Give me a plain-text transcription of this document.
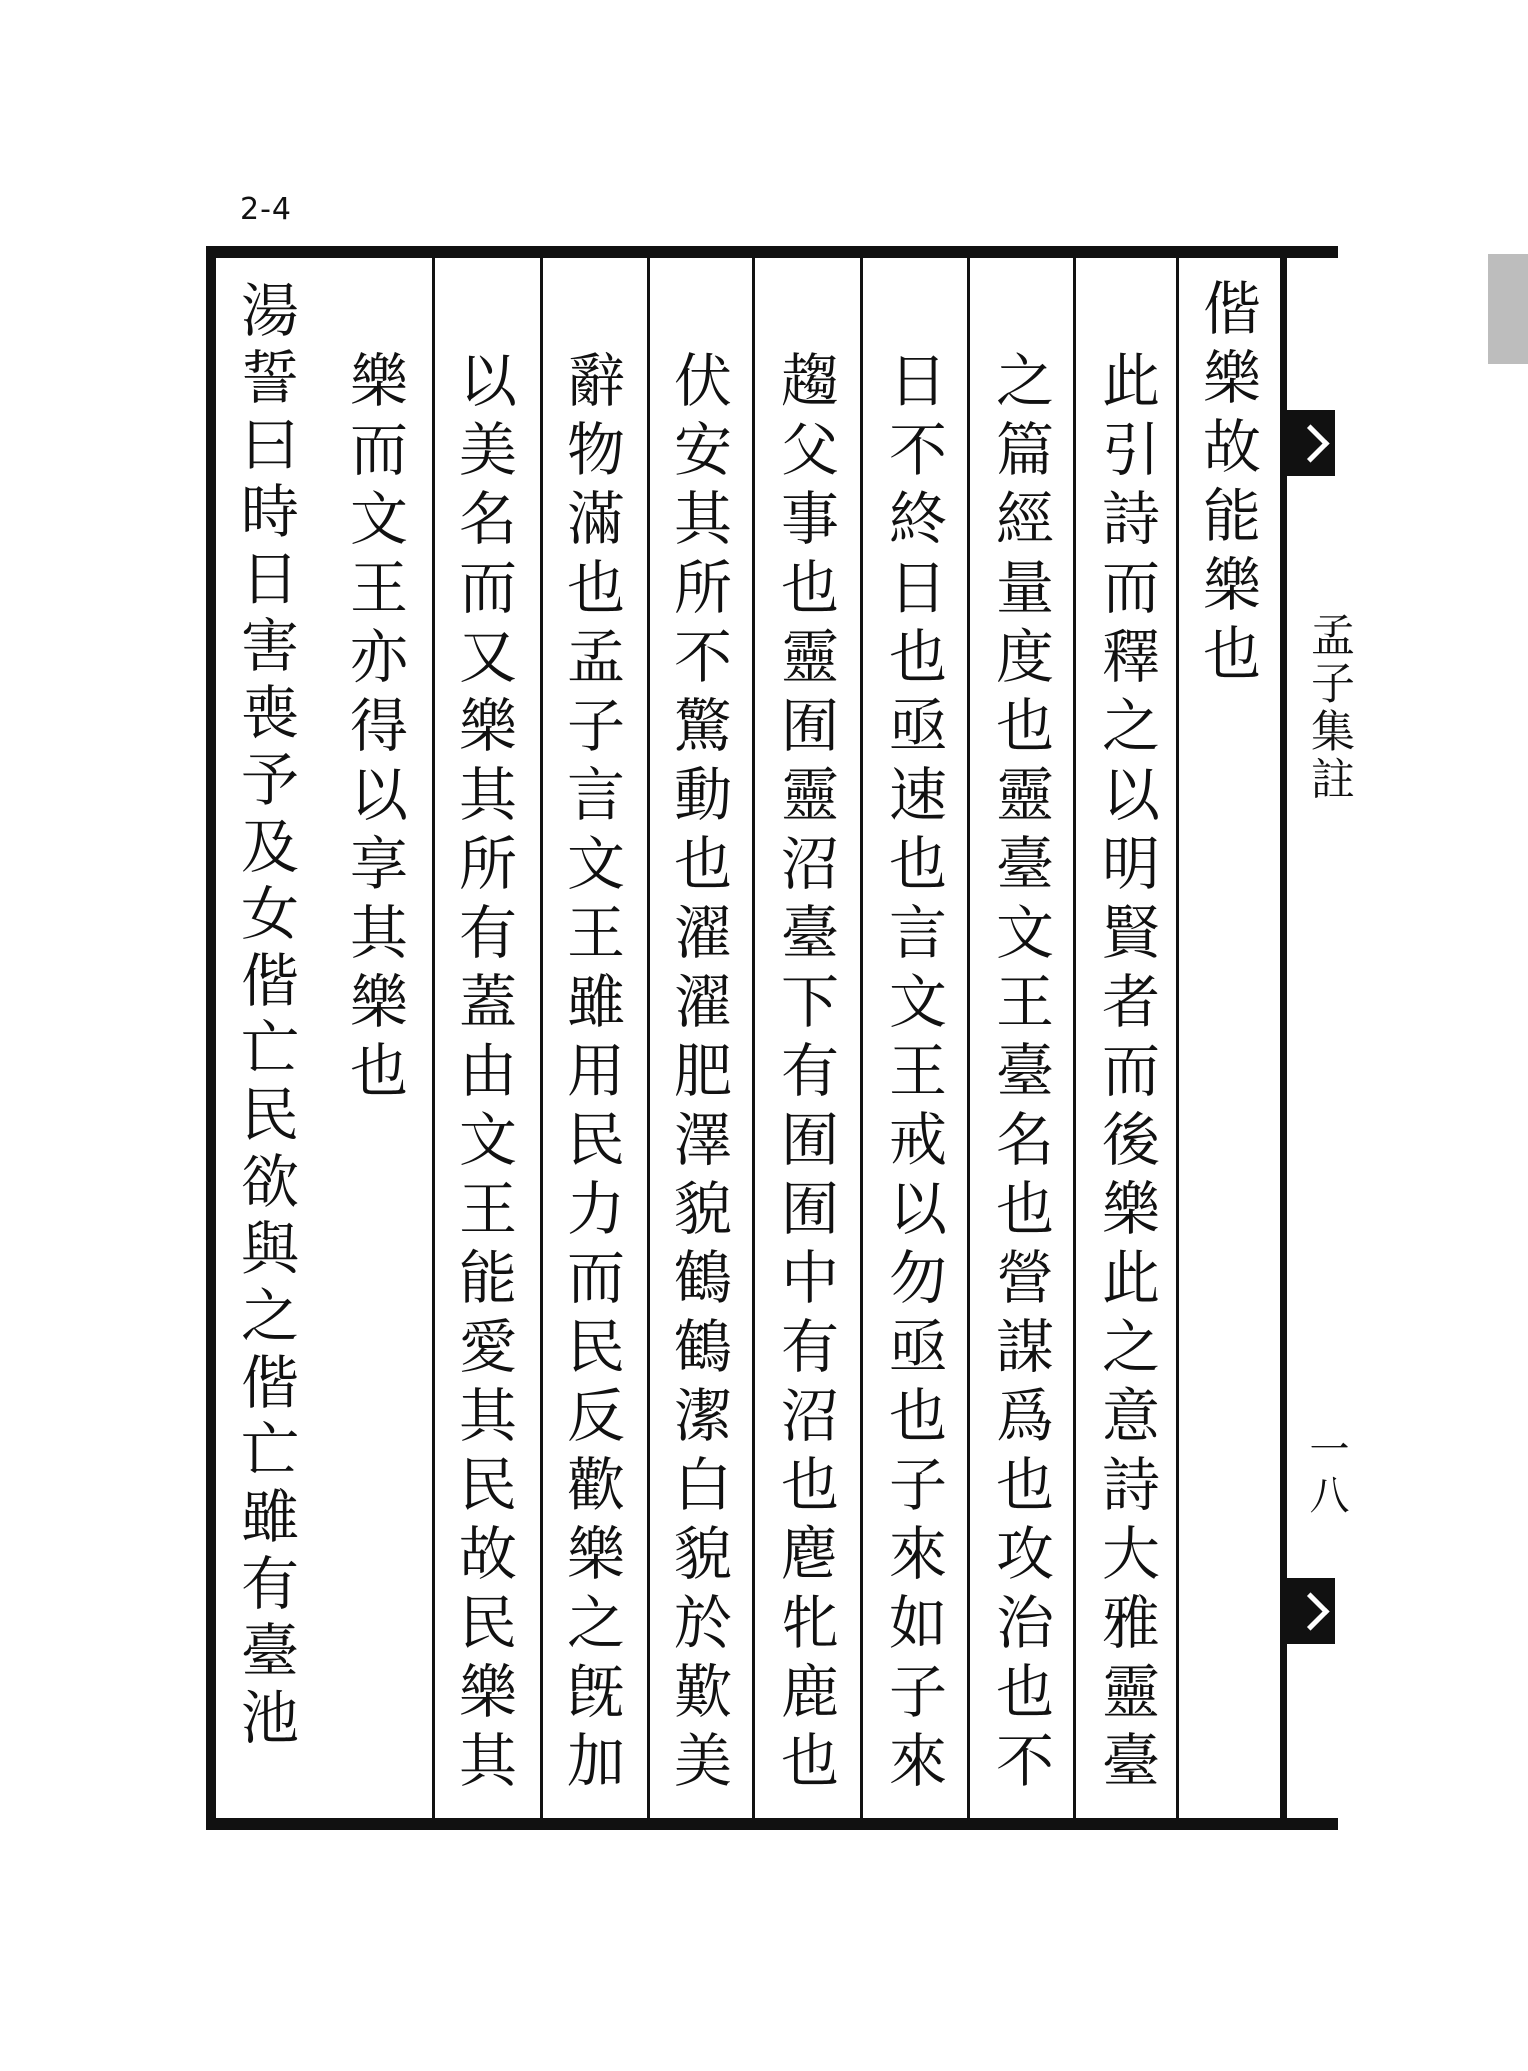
2-4
孟子集註
一八
偕樂故能樂也
此引詩而釋之以明賢者而後樂此之意詩大雅靈臺
之篇經量度也靈臺文王臺名也營謀爲也攻治也不
日不終日也亟速也言文王戒以勿亟也子來如子來
趨父事也靈囿靈沼臺下有囿囿中有沼也麀牝鹿也
伏安其所不驚動也濯濯肥澤貌鶴鶴潔白貌於歎美
辭物滿也孟子言文王雖用民力而民反歡樂之旣加
以美名而又樂其所有蓋由文王能愛其民故民樂其
樂而文王亦得以享其樂也
湯誓曰時日害喪予及女偕亡民欲與之偕亡雖有臺池
